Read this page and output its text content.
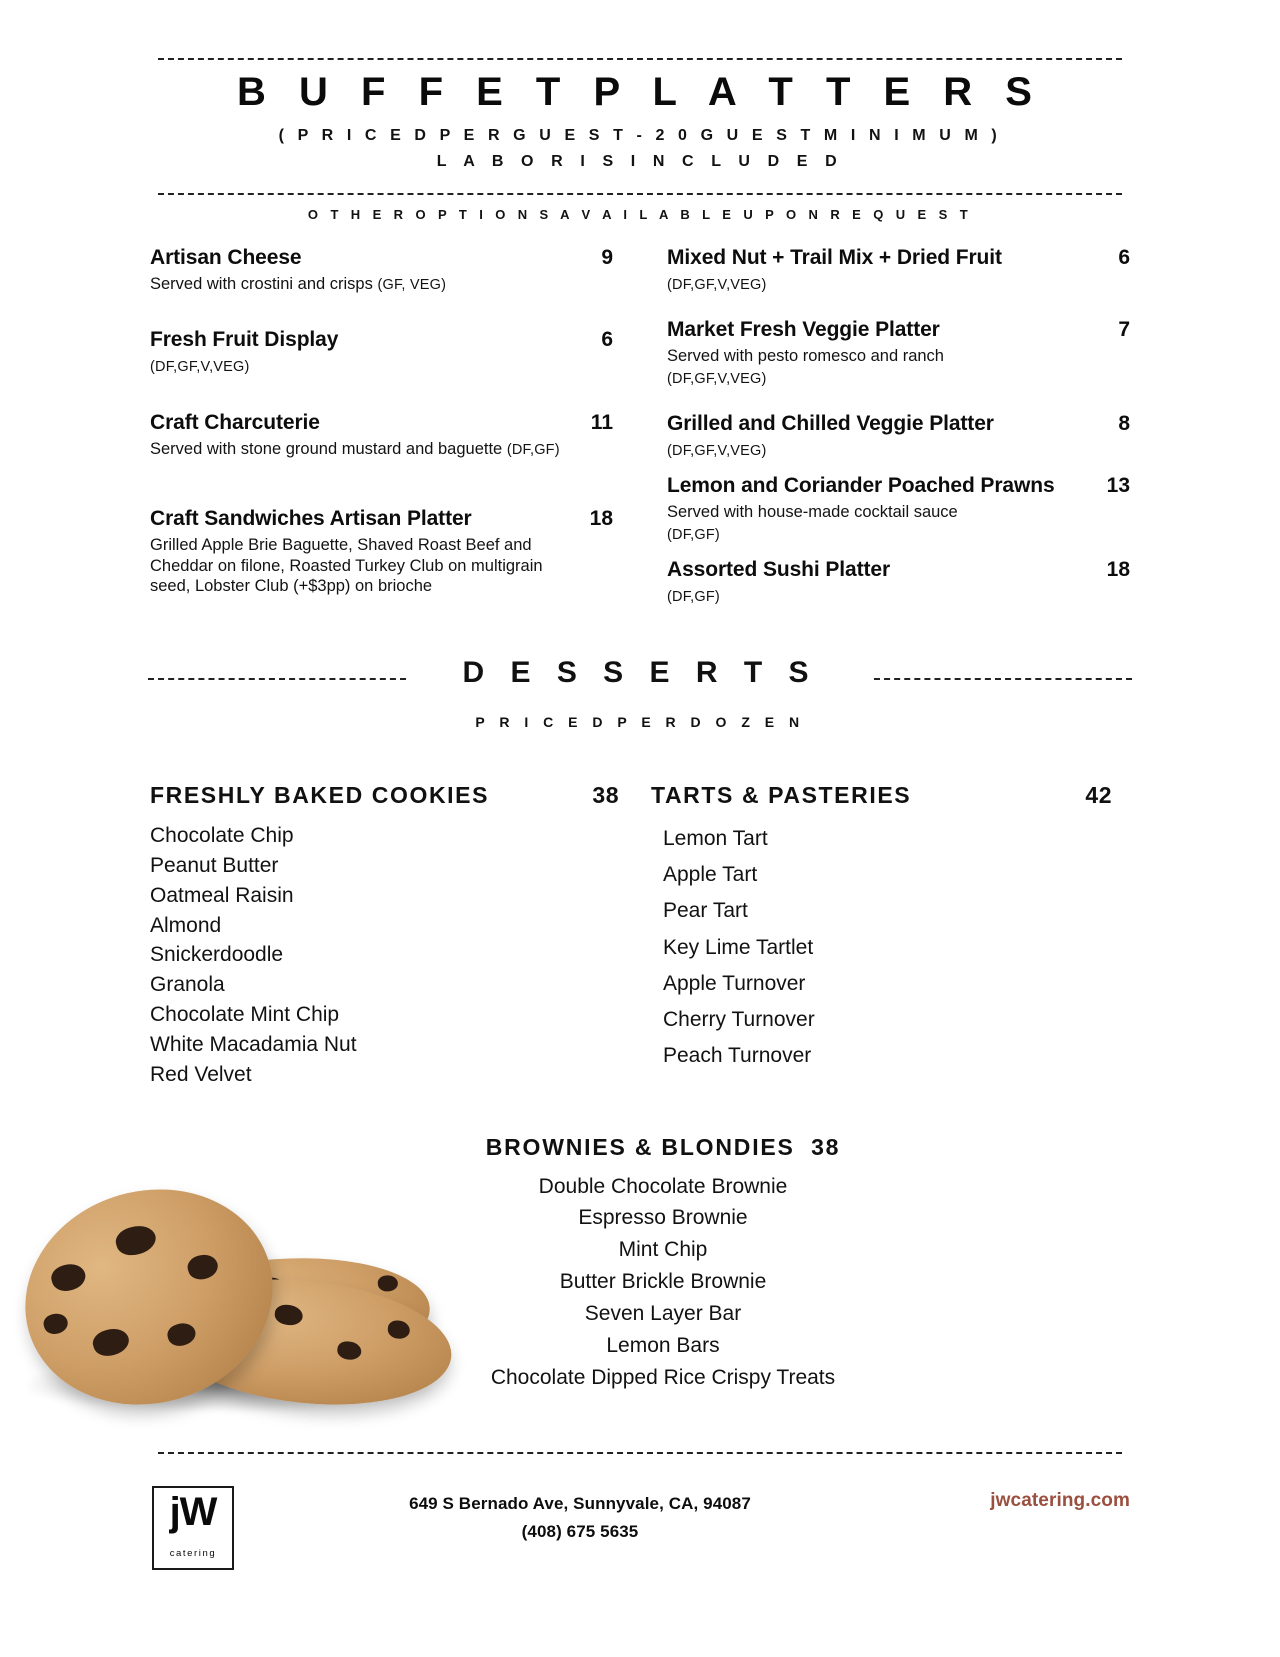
B U F F E T P L A T T E R S
( P R I C E D P E R G U E S T - 2 0 G U E S T M I N I M U M )
L A B O R I S I N C L U D E D
O T H E R O P T I O N S A V A I L A B L E U P O N R E Q U E S T
Artisan Cheese
Served with crostini and crisps (GF, VEG)
9
Fresh Fruit Display
(DF,GF,V,VEG)
6
Craft Charcuterie
Served with stone ground mustard and baguette (DF,GF)
11
Craft Sandwiches Artisan Platter
Grilled Apple Brie Baguette, Shaved Roast Beef and Cheddar on filone, Roasted Turkey Club on multigrain seed, Lobster Club (+$3pp) on brioche
18
Mixed Nut + Trail Mix + Dried Fruit
(DF,GF,V,VEG)
6
Market Fresh Veggie Platter
Served with pesto romesco and ranch
(DF,GF,V,VEG)
7
Grilled and Chilled Veggie Platter
(DF,GF,V,VEG)
8
Lemon and Coriander Poached Prawns
Served with house-made cocktail sauce
(DF,GF)
13
Assorted Sushi Platter
(DF,GF)
18
D E S S E R T S
P R I C E D P E R D O Z E N
FRESHLY BAKED COOKIES	38
Chocolate Chip
Peanut Butter
Oatmeal Raisin
Almond
Snickerdoodle
Granola
Chocolate Mint Chip
White Macadamia Nut
Red Velvet
TARTS & PASTERIES	42
Lemon Tart
Apple Tart
Pear Tart
Key Lime Tartlet
Apple Turnover
Cherry Turnover
Peach Turnover
BROWNIES & BLONDIES 38
Double Chocolate Brownie
Espresso Brownie
Mint Chip
Butter Brickle Brownie
Seven Layer Bar
Lemon Bars
Chocolate Dipped Rice Crispy Treats
jW
catering
649 S Bernado Ave, Sunnyvale, CA, 94087
(408) 675 5635
jwcatering.com
